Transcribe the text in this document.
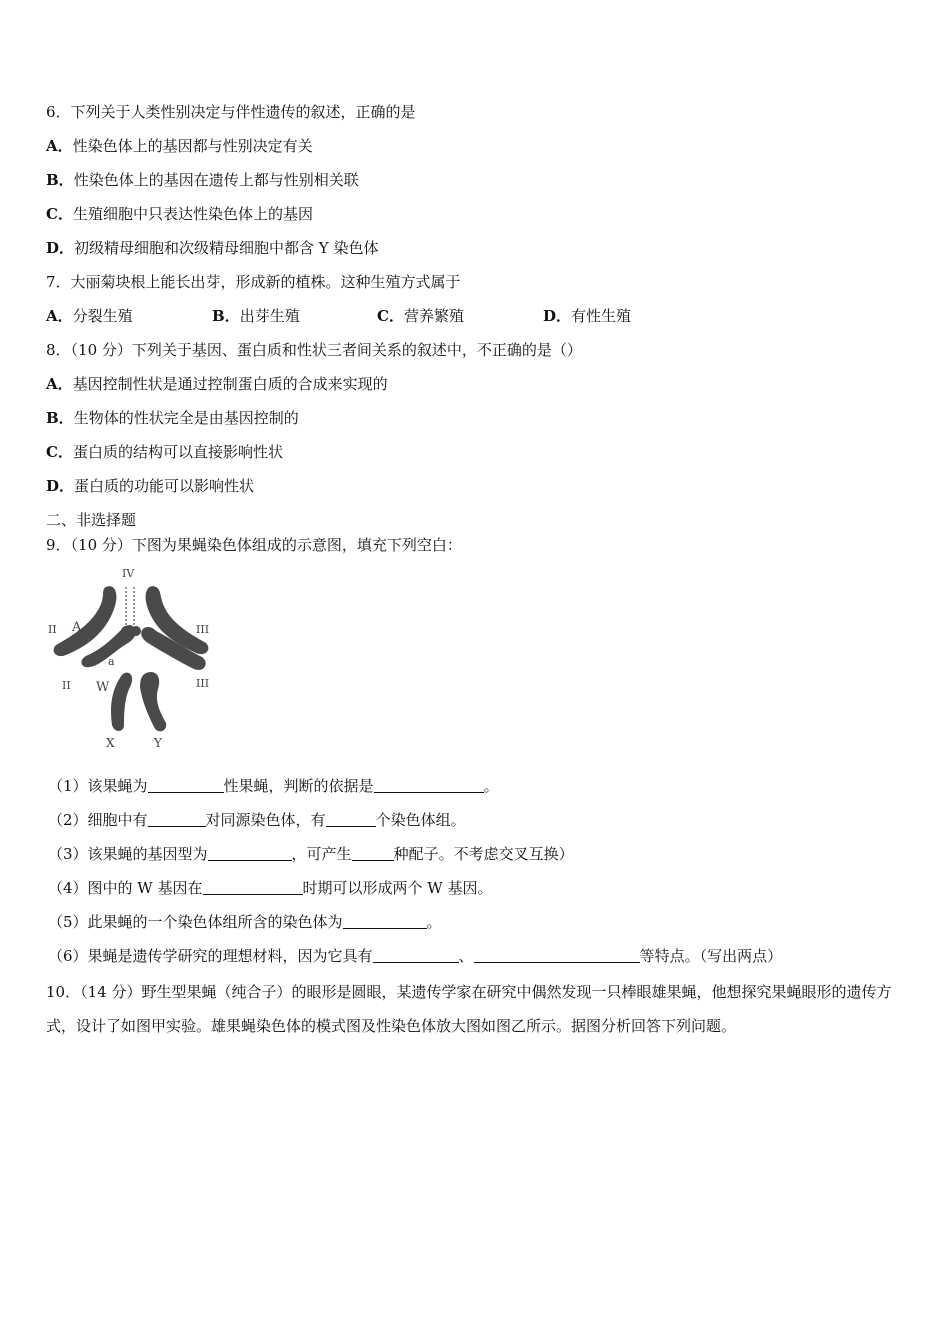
6．下列关于人类性别决定与伴性遗传的叙述，正确的是
A．性染色体上的基因都与性别决定有关
B．性染色体上的基因在遗传上都与性别相关联
C．生殖细胞中只表达性染色体上的基因
D．初级精母细胞和次级精母细胞中都含 Y 染色体
7．大丽菊块根上能长出芽，形成新的植株。这种生殖方式属于
A．分裂生殖	B．出芽生殖	C．营养繁殖	D．有性生殖
8．（10 分）下列关于基因、蛋白质和性状三者间关系的叙述中，不正确的是（）
A．基因控制性状是通过控制蛋白质的合成来实现的
B．生物体的性状完全是由基因控制的
C．蛋白质的结构可以直接影响性状
D．蛋白质的功能可以影响性状
二、非选择题
9．（10 分）下图为果蝇染色体组成的示意图，填充下列空白：
IV
II	III
II	III
A
a
W
X	Y
（1）该果蝇为	性果蝇，判断的依据是	。
（2）细胞中有	对同源染色体，有	个染色体组。
（3）该果蝇的基因型为	，可产生	种配子。不考虑交叉互换）
（4）图中的 W 基因在	时期可以形成两个 W 基因。
（5）此果蝇的一个染色体组所含的染色体为	。
（6）果蝇是遗传学研究的理想材料，因为它具有	、	等特点。（写出两点）
10．（14 分）野生型果蝇（纯合子）的眼形是圆眼，某遗传学家在研究中偶然发现一只棒眼雄果蝇，他想探究果蝇眼形的遗传方式，设计了如图甲实验。雄果蝇染色体的模式图及性染色体放大图如图乙所示。据图分析回答下列问题。
